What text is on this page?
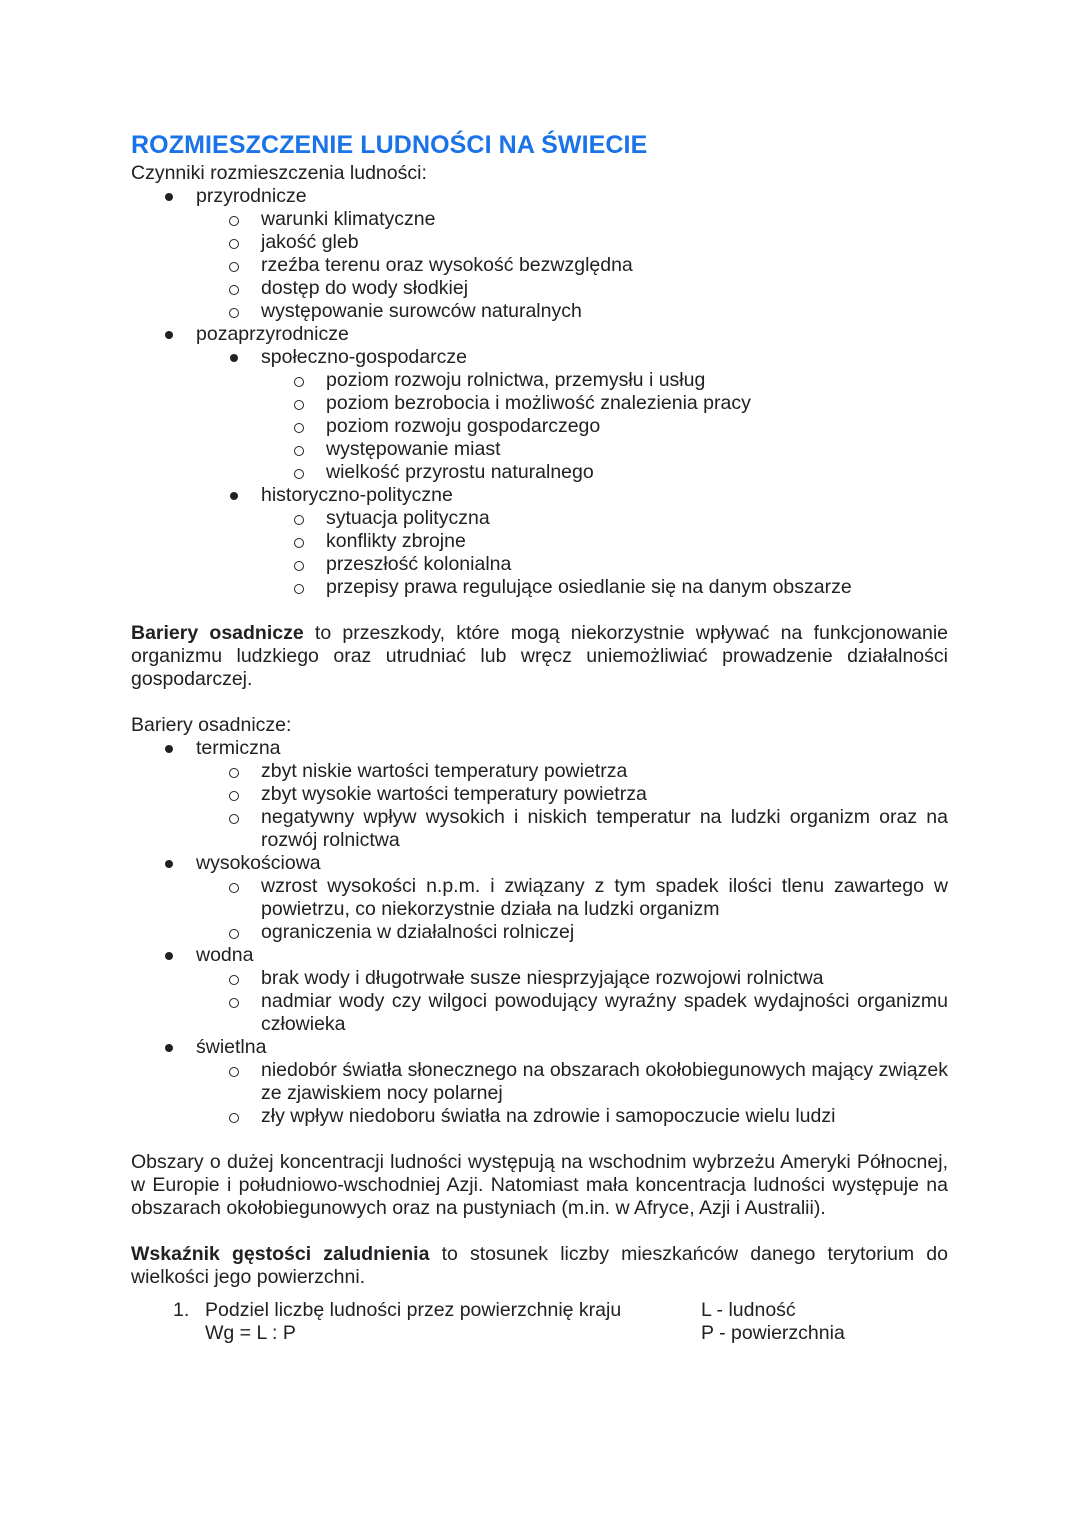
ROZMIESZCZENIE LUDNOŚCI NA ŚWIECIE

Czynniki rozmieszczenia ludności:

przyrodnicze
warunki klimatyczne
jakość gleb
rzeźba terenu oraz wysokość bezwzględna
dostęp do wody słodkiej
występowanie surowców naturalnych
pozaprzyrodnicze
społeczno-gospodarcze
poziom rozwoju rolnictwa, przemysłu i usług
poziom bezrobocia i możliwość znalezienia pracy
poziom rozwoju gospodarczego
występowanie miast
wielkość przyrostu naturalnego
historyczno-polityczne
sytuacja polityczna
konflikty zbrojne
przeszłość kolonialna
przepisy prawa regulujące osiedlanie się na danym obszarze

Bariery osadnicze to przeszkody, które mogą niekorzystnie wpływać na funkcjonowanie organizmu ludzkiego oraz utrudniać lub wręcz uniemożliwiać prowadzenie działalności gospodarczej.

Bariery osadnicze:

termiczna
zbyt niskie wartości temperatury powietrza
zbyt wysokie wartości temperatury powietrza
negatywny wpływ wysokich i niskich temperatur na ludzki organizm oraz na rozwój rolnictwa
wysokościowa
wzrost wysokości n.p.m. i związany z tym spadek ilości tlenu zawartego w powietrzu, co niekorzystnie działa na ludzki organizm
ograniczenia w działalności rolniczej
wodna
brak wody i długotrwałe susze niesprzyjające rozwojowi rolnictwa
nadmiar wody czy wilgoci powodujący wyraźny spadek wydajności organizmu człowieka
świetlna
niedobór światła słonecznego na obszarach okołobiegunowych mający związek ze zjawiskiem nocy polarnej
zły wpływ niedoboru światła na zdrowie i samopoczucie wielu ludzi

Obszary o dużej koncentracji ludności występują na wschodnim wybrzeżu Ameryki Północnej, w Europie i południowo-wschodniej Azji. Natomiast mała koncentracja ludności występuje na obszarach okołobiegunowych oraz na pustyniach (m.in. w Afryce, Azji i Australii).

Wskaźnik gęstości zaludnienia to stosunek liczby mieszkańców danego terytorium do wielkości jego powierzchni.

1. Podziel liczbę ludności przez powierzchnię kraju
Wg = L : P
L - ludność
P - powierzchnia
